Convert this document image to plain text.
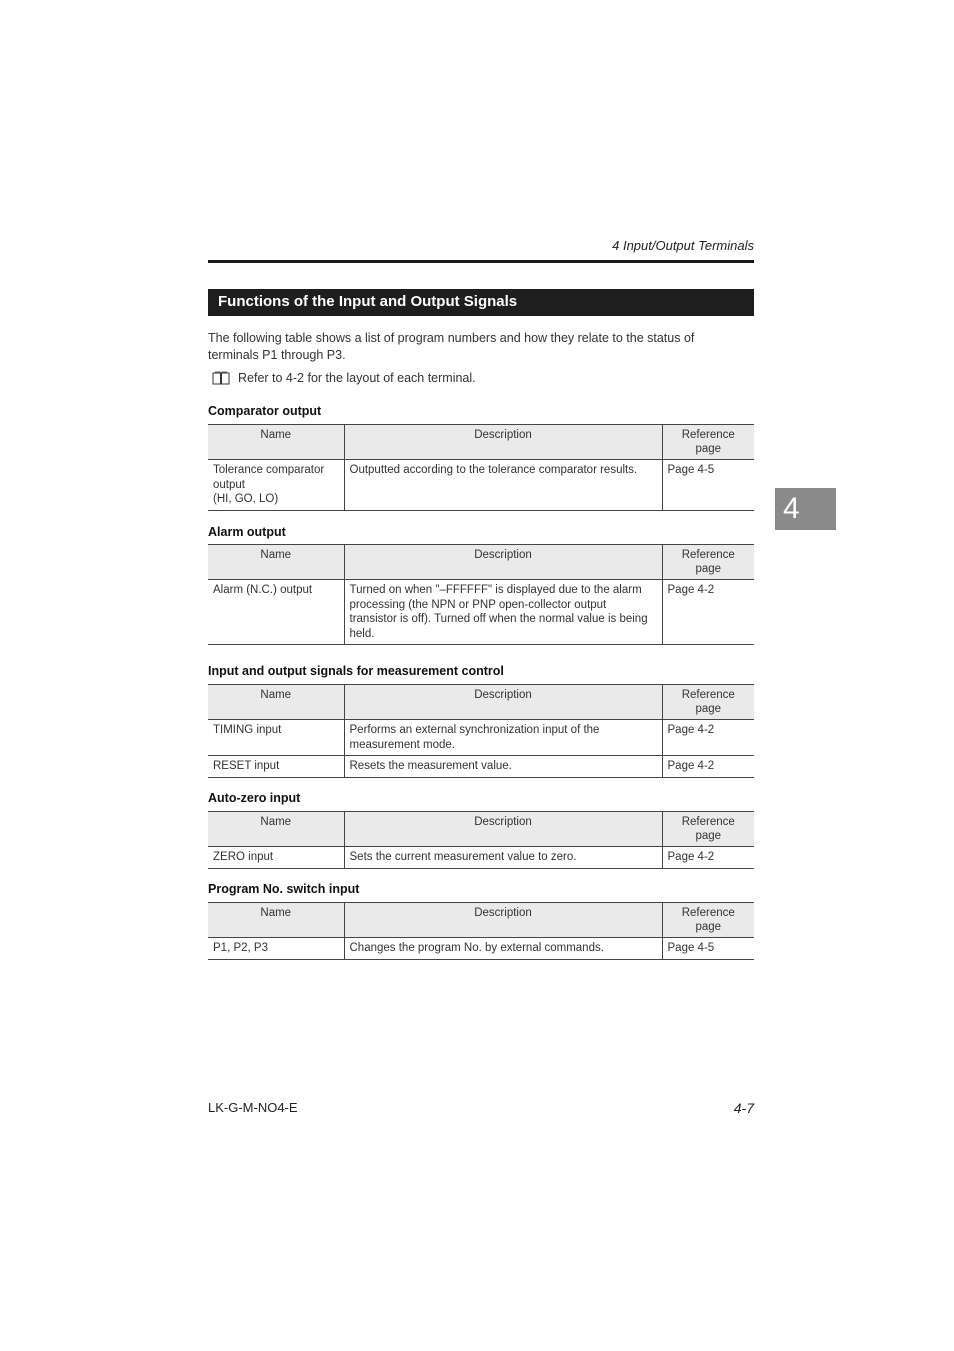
4 Input/Output Terminals
Functions of the Input and Output Signals
The following table shows a list of program numbers and how they relate to the status of terminals P1 through P3.
Refer to 4-2 for the layout of each terminal.
Comparator output
Name	Description	Reference
page
Tolerance comparator
output
(HI, GO, LO)	Outputted according to the tolerance comparator results.	Page 4-5
Alarm output
Name	Description	Reference
page
Alarm (N.C.) output	Turned on when "–FFFFFF" is displayed due to the alarm
processing (the NPN or PNP open-collector output
transistor is off). Turned off when the normal value is being
held.	Page 4-2
Input and output signals for measurement control
Name	Description	Reference
page
TIMING input	Performs an external synchronization input of the
measurement mode.	Page 4-2
RESET input	Resets the measurement value.	Page 4-2
Auto-zero input
Name	Description	Reference
page
ZERO input	Sets the current measurement value to zero.	Page 4-2
Program No. switch input
Name	Description	Reference
page
P1, P2, P3	Changes the program No. by external commands.	Page 4-5
4
LK-G-M-NO4-E	4-7
